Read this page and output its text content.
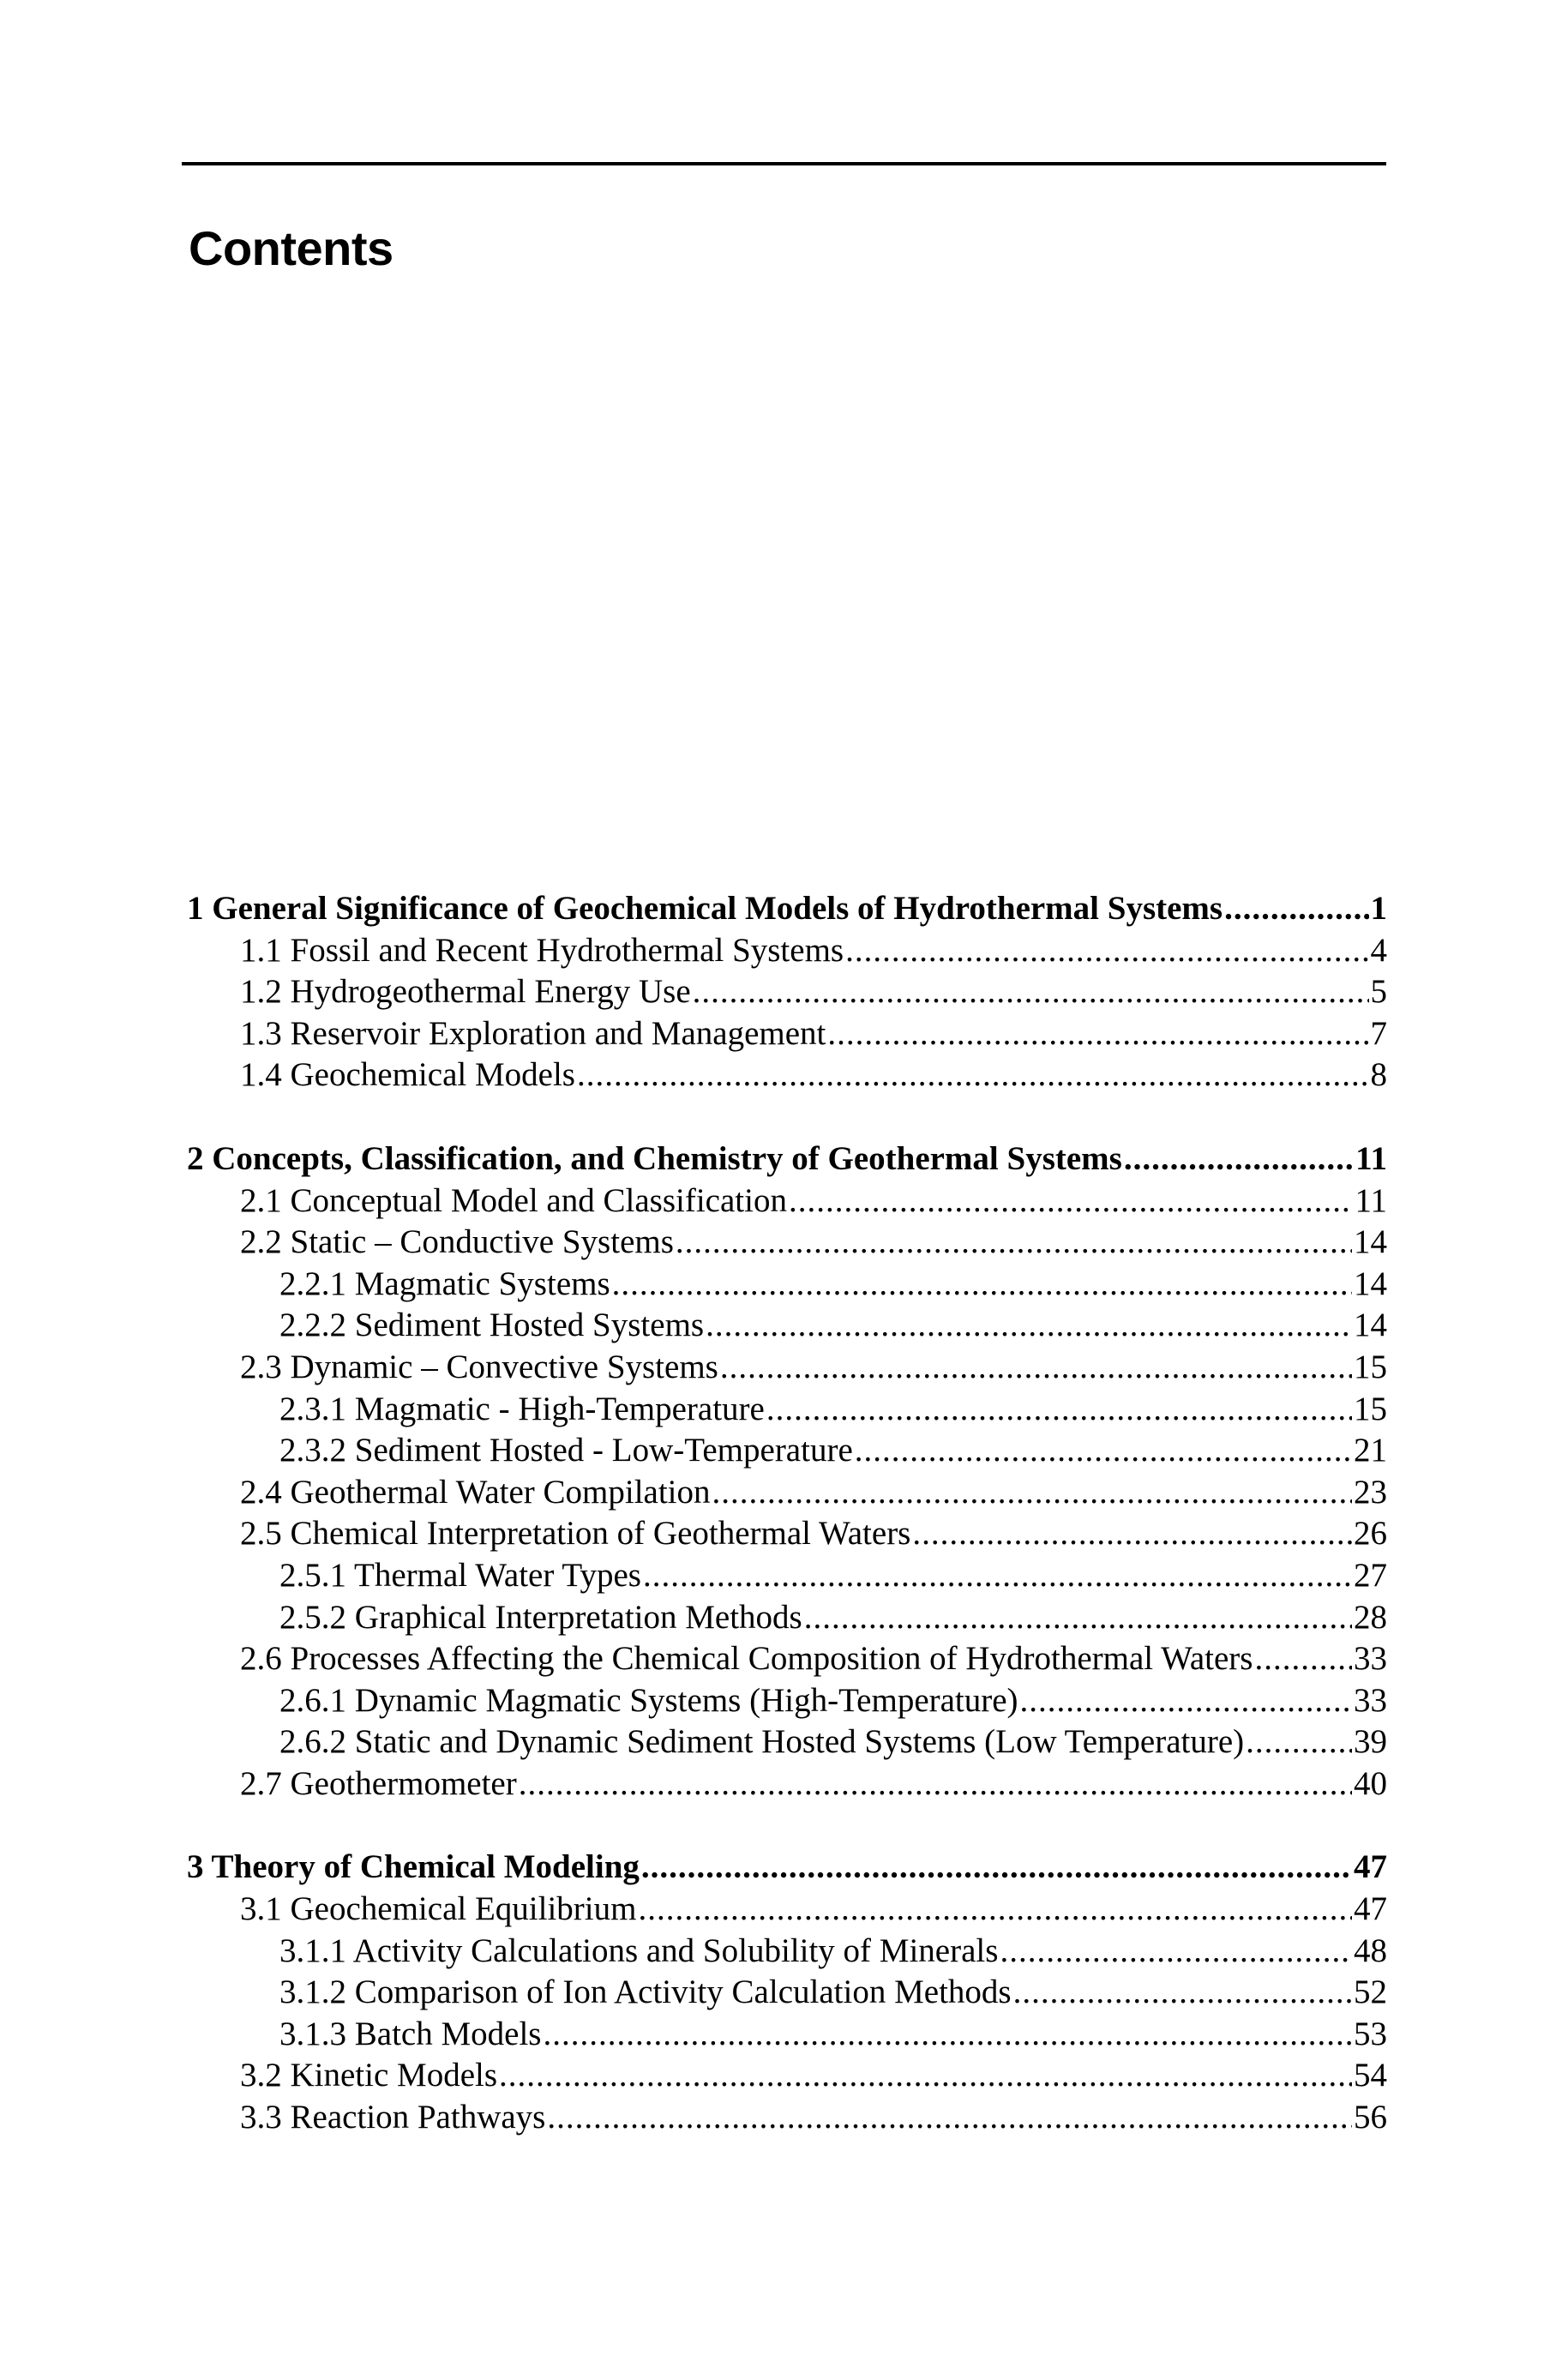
Contents
1 General Significance of Geochemical Models of Hydrothermal Systems .....	1
1.1 Fossil and Recent Hydrothermal Systems .....	4
1.2 Hydrogeothermal Energy Use .....	5
1.3 Reservoir Exploration and Management .....	7
1.4 Geochemical Models .....	8
2 Concepts, Classification, and Chemistry of Geothermal Systems .....	11
2.1 Conceptual Model and Classification .....	11
2.2 Static – Conductive Systems .....	14
2.2.1 Magmatic Systems .....	14
2.2.2 Sediment Hosted Systems .....	14
2.3 Dynamic – Convective Systems .....	15
2.3.1 Magmatic - High-Temperature .....	15
2.3.2 Sediment Hosted - Low-Temperature .....	21
2.4 Geothermal Water Compilation .....	23
2.5 Chemical Interpretation of Geothermal Waters .....	26
2.5.1 Thermal Water Types .....	27
2.5.2 Graphical Interpretation Methods .....	28
2.6 Processes Affecting the Chemical Composition of Hydrothermal Waters .....	33
2.6.1 Dynamic Magmatic Systems (High-Temperature) .....	33
2.6.2 Static and Dynamic Sediment Hosted Systems (Low Temperature) .....	39
2.7 Geothermometer .....	40
3 Theory of Chemical Modeling .....	47
3.1 Geochemical Equilibrium .....	47
3.1.1 Activity Calculations and Solubility of Minerals .....	48
3.1.2 Comparison of Ion Activity Calculation Methods .....	52
3.1.3 Batch Models .....	53
3.2 Kinetic Models .....	54
3.3 Reaction Pathways .....	56
